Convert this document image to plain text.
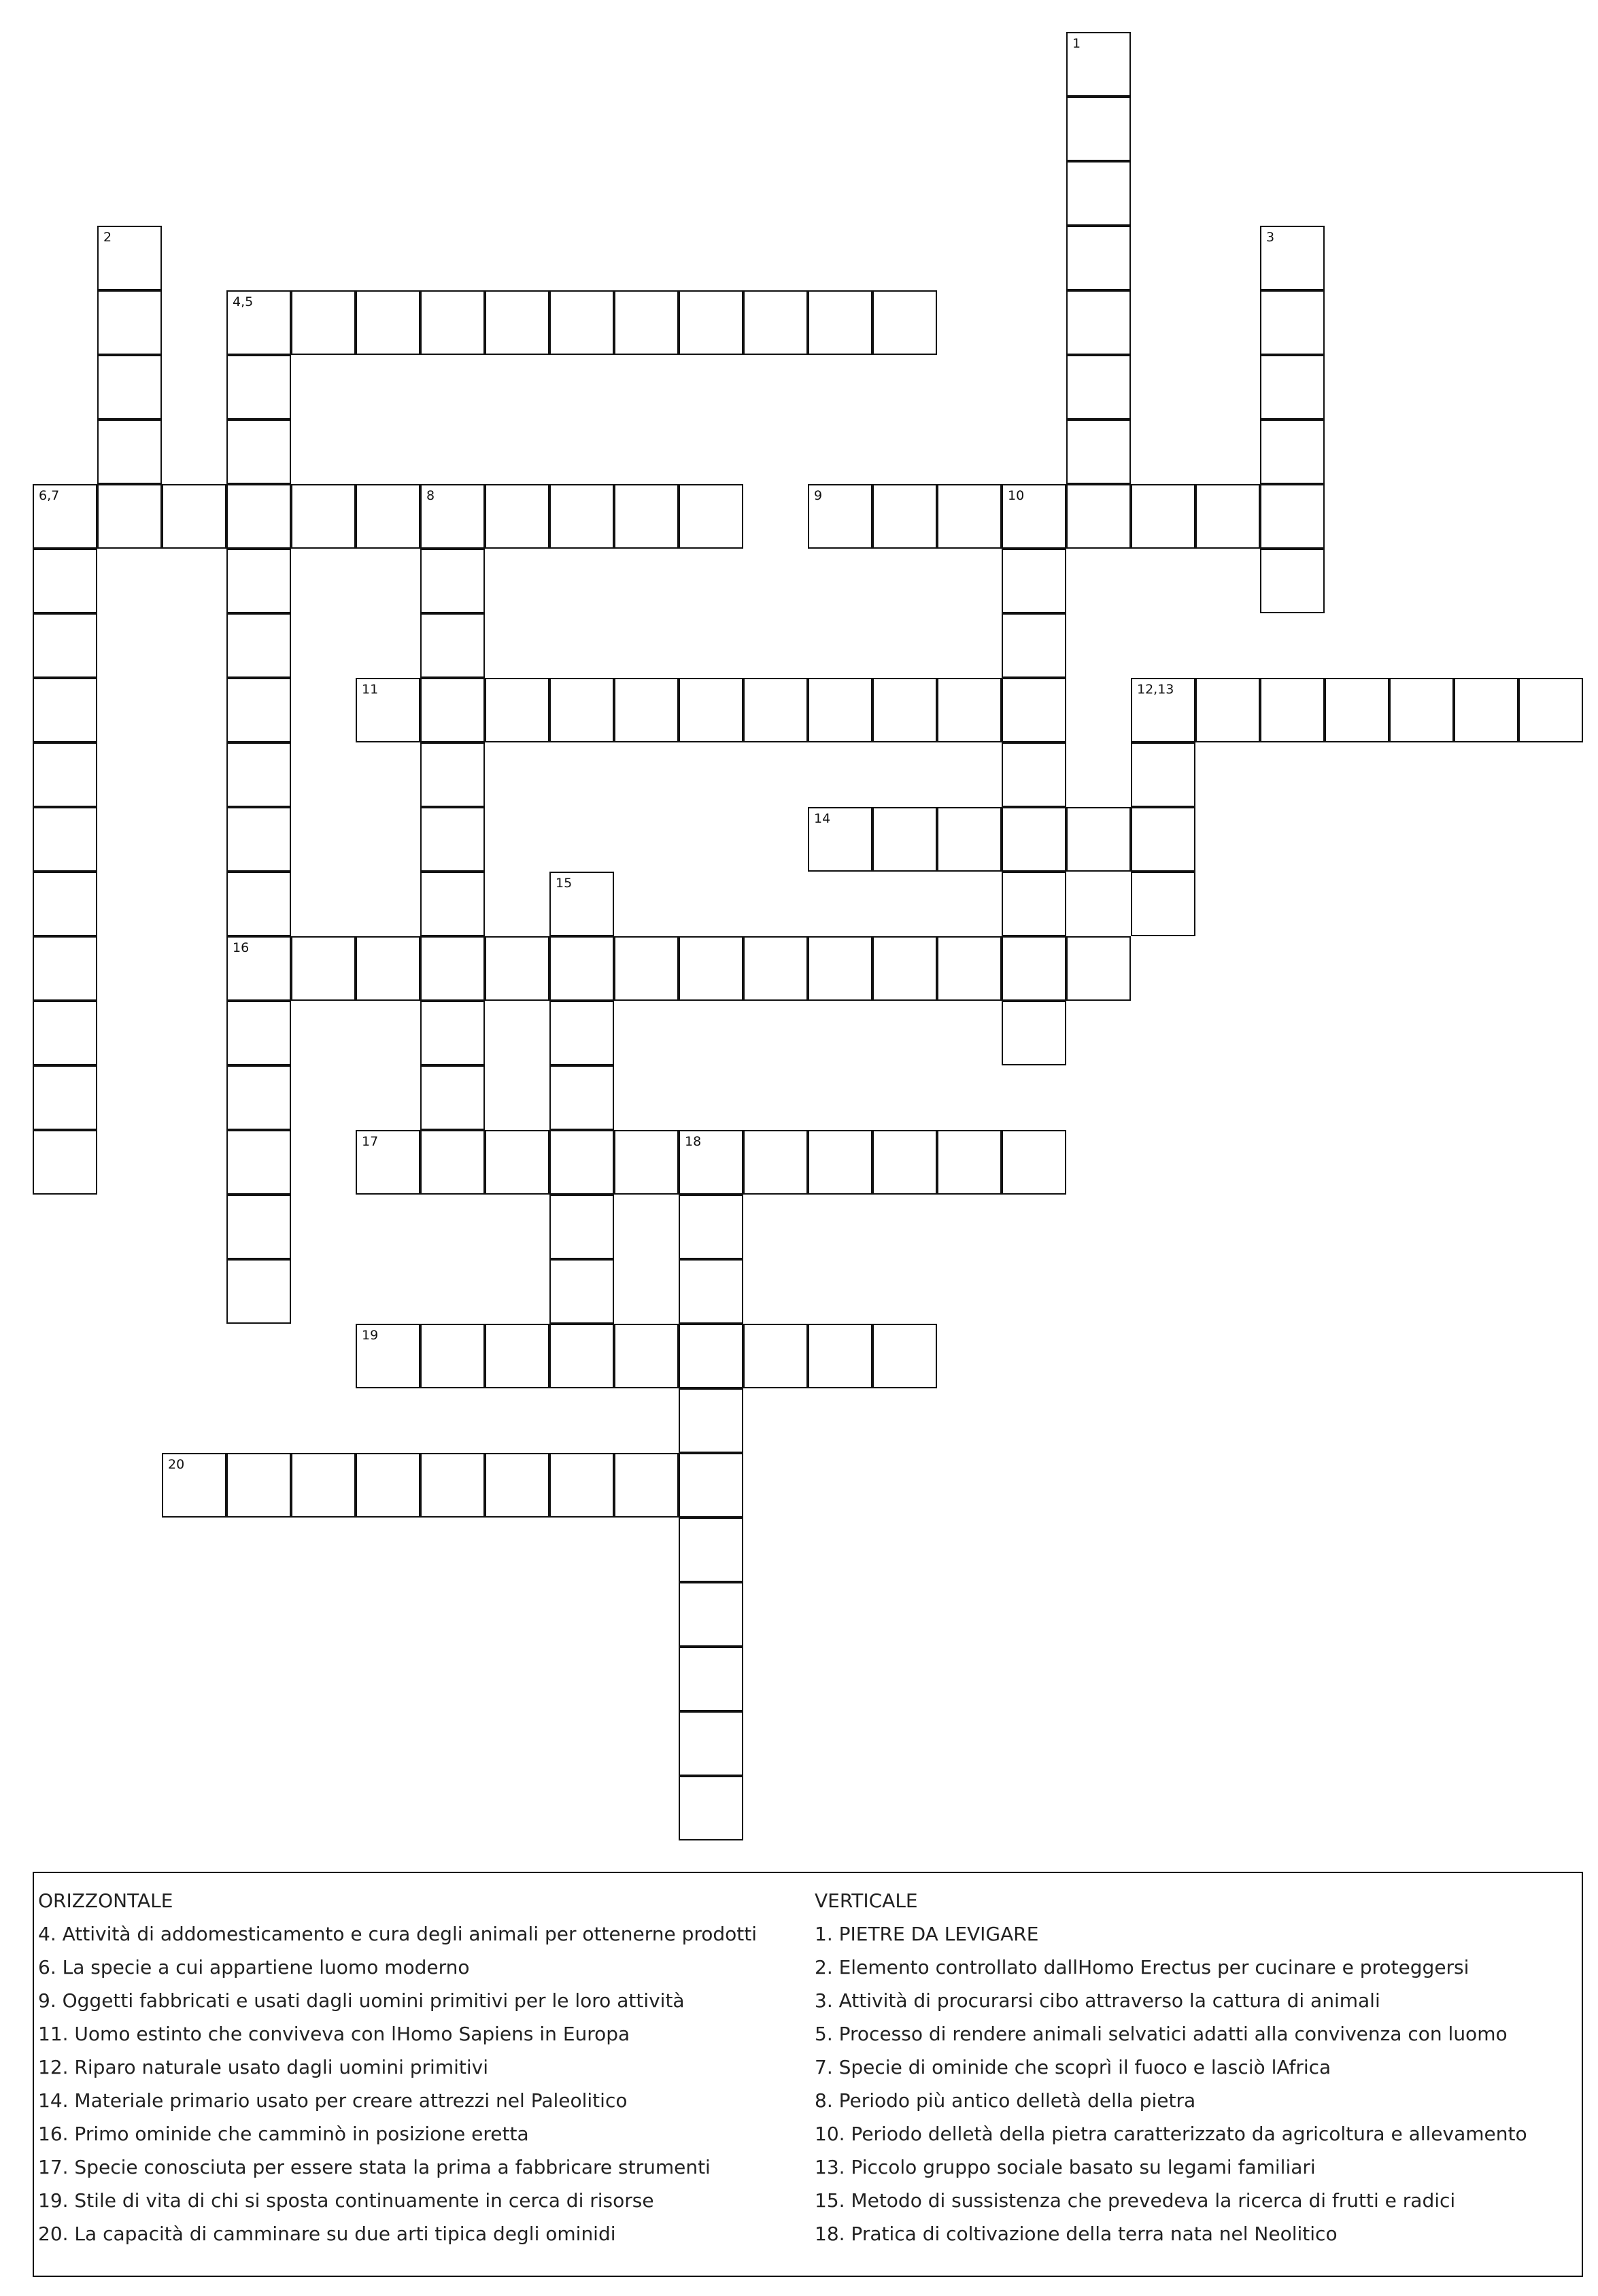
1
2	3
4,5
16
6,7	8	9	10
11	12,13
14
15
17	18
19
20
ORIZZONTALE
4. Attività di addomesticamento e cura degli animali per ottenerne prodotti
6. La specie a cui appartiene luomo moderno
9. Oggetti fabbricati e usati dagli uomini primitivi per le loro attività
11. Uomo estinto che conviveva con lHomo Sapiens in Europa
12. Riparo naturale usato dagli uomini primitivi
14. Materiale primario usato per creare attrezzi nel Paleolitico
16. Primo ominide che camminò in posizione eretta
17. Specie conosciuta per essere stata la prima a fabbricare strumenti
19. Stile di vita di chi si sposta continuamente in cerca di risorse
20. La capacità di camminare su due arti tipica degli ominidi
VERTICALE
1. PIETRE DA LEVIGARE
2. Elemento controllato dallHomo Erectus per cucinare e proteggersi
3. Attività di procurarsi cibo attraverso la cattura di animali
5. Processo di rendere animali selvatici adatti alla convivenza con luomo
7. Specie di ominide che scoprì il fuoco e lasciò lAfrica
8. Periodo più antico delletà della pietra
10. Periodo delletà della pietra caratterizzato da agricoltura e allevamento
13. Piccolo gruppo sociale basato su legami familiari
15. Metodo di sussistenza che prevedeva la ricerca di frutti e radici
18. Pratica di coltivazione della terra nata nel Neolitico
